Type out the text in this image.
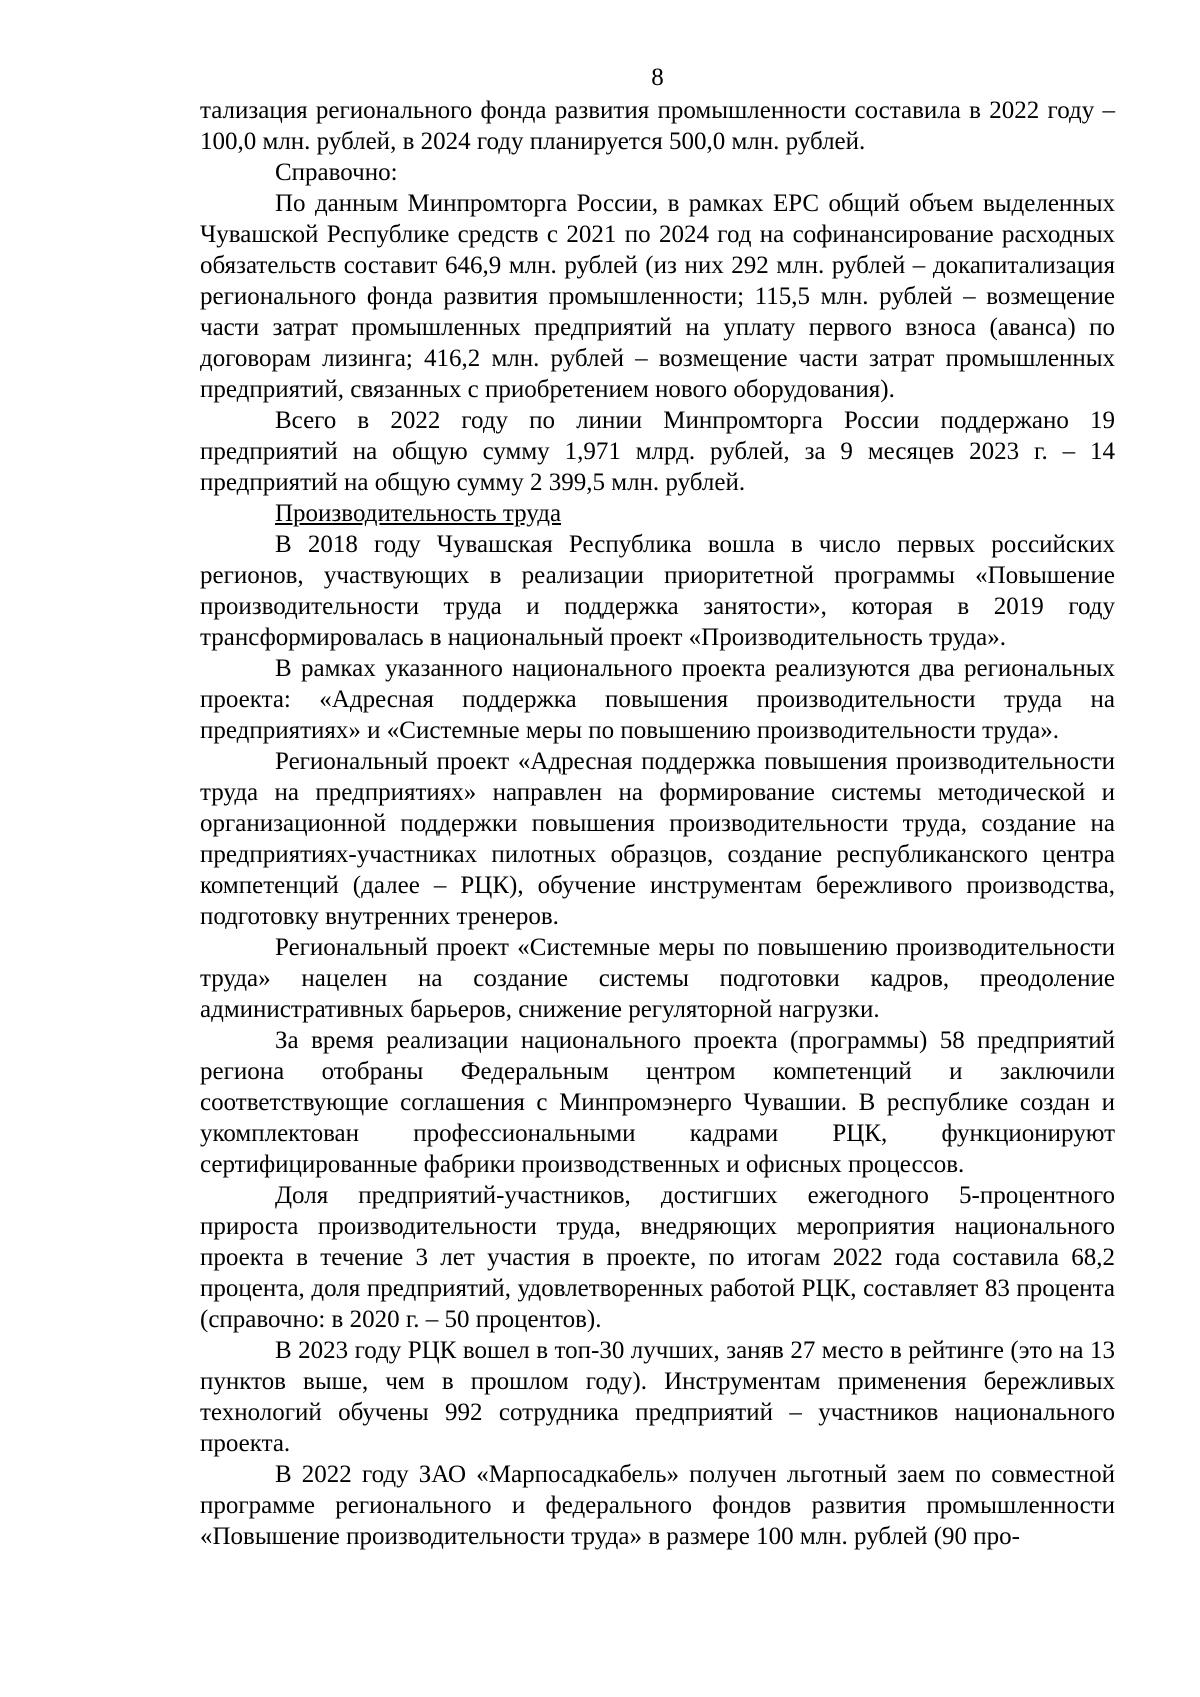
8

тализация регионального фонда развития промышленности составила в 2022 году – 100,0 млн. рублей, в 2024 году планируется 500,0 млн. рублей.

Справочно:

По данным Минпромторга России, в рамках ЕРС общий объем выделенных Чувашской Республике средств с 2021 по 2024 год на софинансирование расходных обязательств составит 646,9 млн. рублей (из них 292 млн. рублей – докапитализация регионального фонда развития промышленности; 115,5 млн. рублей – возмещение части затрат промышленных предприятий на уплату первого взноса (аванса) по договорам лизинга; 416,2 млн. рублей – возмещение части затрат промышленных предприятий, связанных с приобретением нового оборудования).

Всего в 2022 году по линии Минпромторга России поддержано 19 предприятий на общую сумму 1,971 млрд. рублей, за 9 месяцев 2023 г. – 14 предприятий на общую сумму 2 399,5 млн. рублей.

Производительность труда

В 2018 году Чувашская Республика вошла в число первых российских регионов, участвующих в реализации приоритетной программы «Повышение производительности труда и поддержка занятости», которая в 2019 году трансформировалась в национальный проект «Производительность труда».

В рамках указанного национального проекта реализуются два региональных проекта: «Адресная поддержка повышения производительности труда на предприятиях» и «Системные меры по повышению производительности труда».

Региональный проект «Адресная поддержка повышения производительности труда на предприятиях» направлен на формирование системы методической и организационной поддержки повышения производительности труда, создание на предприятиях-участниках пилотных образцов, создание республиканского центра компетенций (далее – РЦК), обучение инструментам бережливого производства, подготовку внутренних тренеров.

Региональный проект «Системные меры по повышению производительности труда» нацелен на создание системы подготовки кадров, преодоление административных барьеров, снижение регуляторной нагрузки.

За время реализации национального проекта (программы) 58 предприятий региона отобраны Федеральным центром компетенций и заключили соответствующие соглашения с Минпромэнерго Чувашии. В республике создан и укомплектован профессиональными кадрами РЦК, функционируют сертифицированные фабрики производственных и офисных процессов.

Доля предприятий-участников, достигших ежегодного 5-процентного прироста производительности труда, внедряющих мероприятия национального проекта в течение 3 лет участия в проекте, по итогам 2022 года составила 68,2 процента, доля предприятий, удовлетворенных работой РЦК, составляет 83 процента (справочно: в 2020 г. – 50 процентов).

В 2023 году РЦК вошел в топ-30 лучших, заняв 27 место в рейтинге (это на 13 пунктов выше, чем в прошлом году). Инструментам применения бережливых технологий обучены 992 сотрудника предприятий – участников национального проекта.

В 2022 году ЗАО «Марпосадкабель» получен льготный заем по совместной программе регионального и федерального фондов развития промышленности «Повышение производительности труда» в размере 100 млн. рублей (90 про-
